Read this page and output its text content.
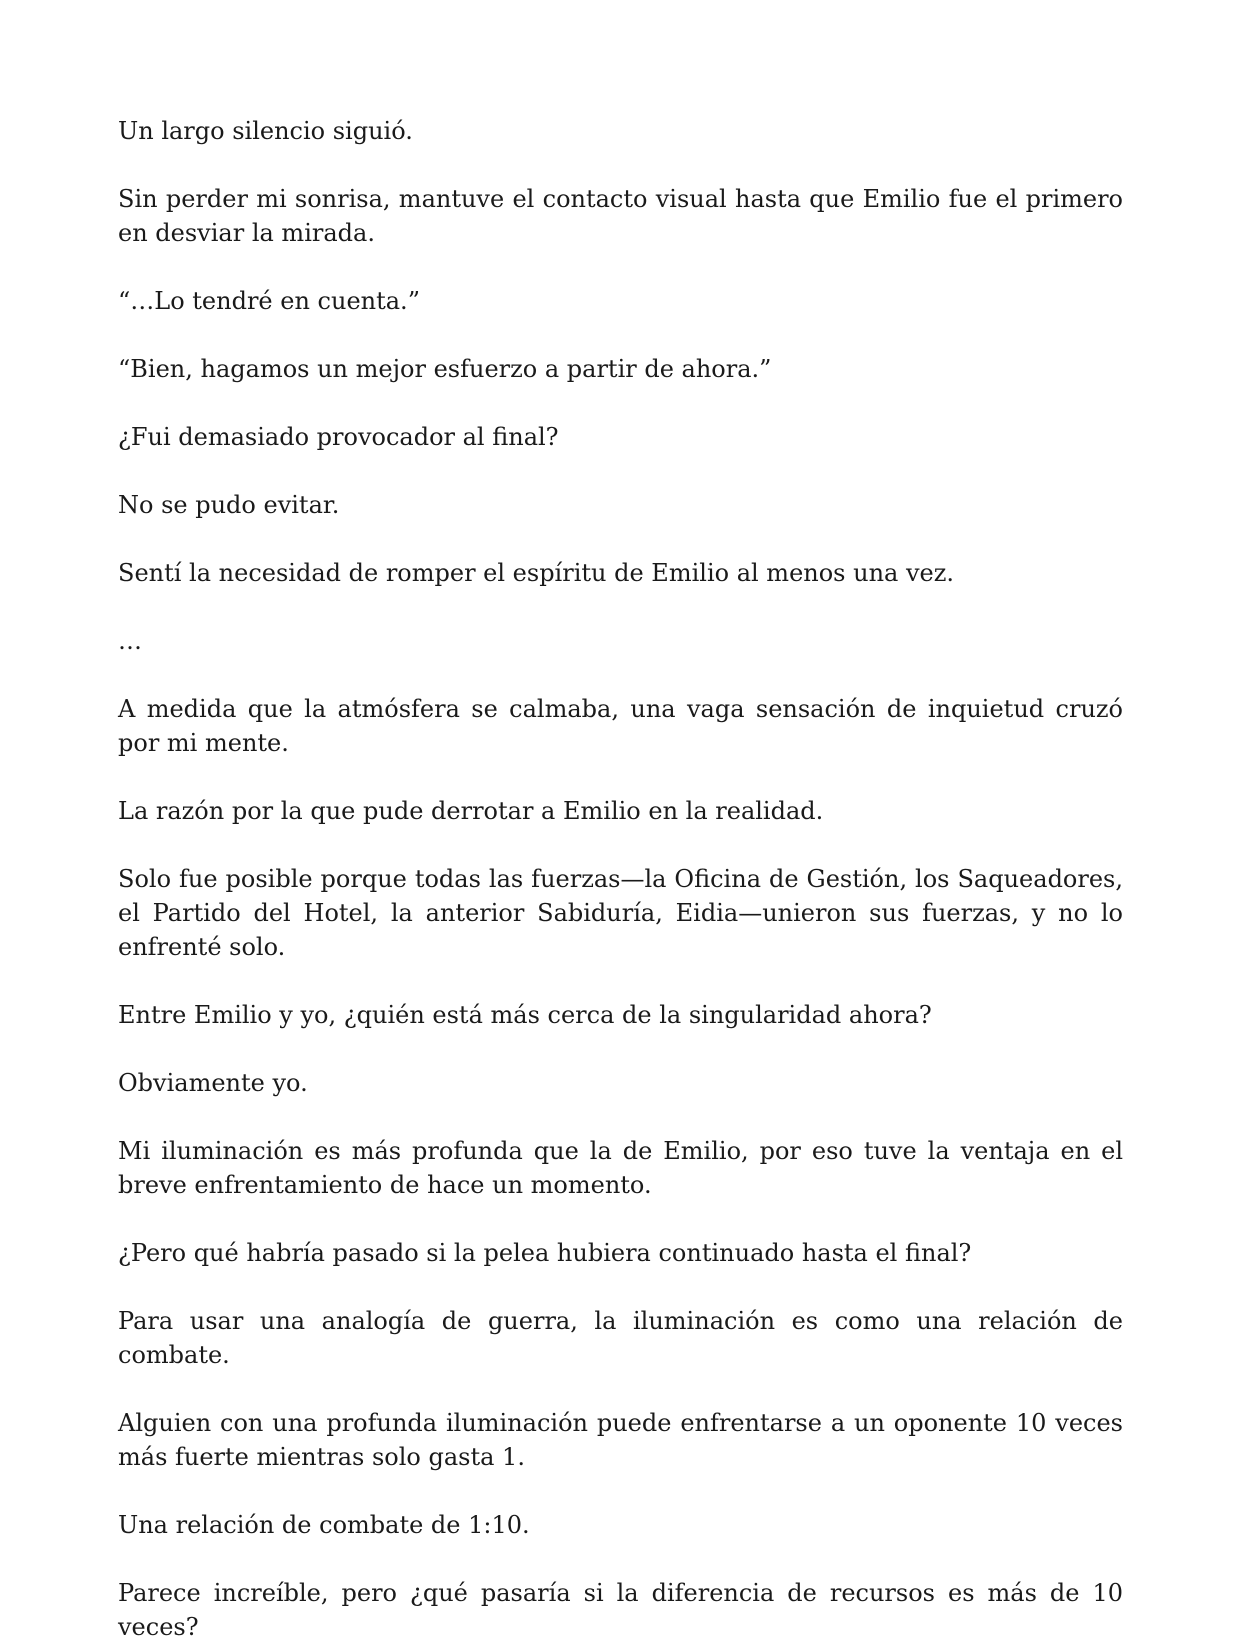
Un largo silencio siguió.

Sin perder mi sonrisa, mantuve el contacto visual hasta que Emilio fue el primero en desviar la mirada.

“…Lo tendré en cuenta.”

“Bien, hagamos un mejor esfuerzo a partir de ahora.”

¿Fui demasiado provocador al final?

No se pudo evitar.

Sentí la necesidad de romper el espíritu de Emilio al menos una vez.

…

A medida que la atmósfera se calmaba, una vaga sensación de inquietud cruzó por mi mente.

La razón por la que pude derrotar a Emilio en la realidad.

Solo fue posible porque todas las fuerzas—la Oficina de Gestión, los Saqueadores, el Partido del Hotel, la anterior Sabiduría, Eidia—unieron sus fuerzas, y no lo enfrenté solo.

Entre Emilio y yo, ¿quién está más cerca de la singularidad ahora?

Obviamente yo.

Mi iluminación es más profunda que la de Emilio, por eso tuve la ventaja en el breve enfrentamiento de hace un momento.

¿Pero qué habría pasado si la pelea hubiera continuado hasta el final?

Para usar una analogía de guerra, la iluminación es como una relación de combate.

Alguien con una profunda iluminación puede enfrentarse a un oponente 10 veces más fuerte mientras solo gasta 1.

Una relación de combate de 1:10.

Parece increíble, pero ¿qué pasaría si la diferencia de recursos es más de 10 veces?
